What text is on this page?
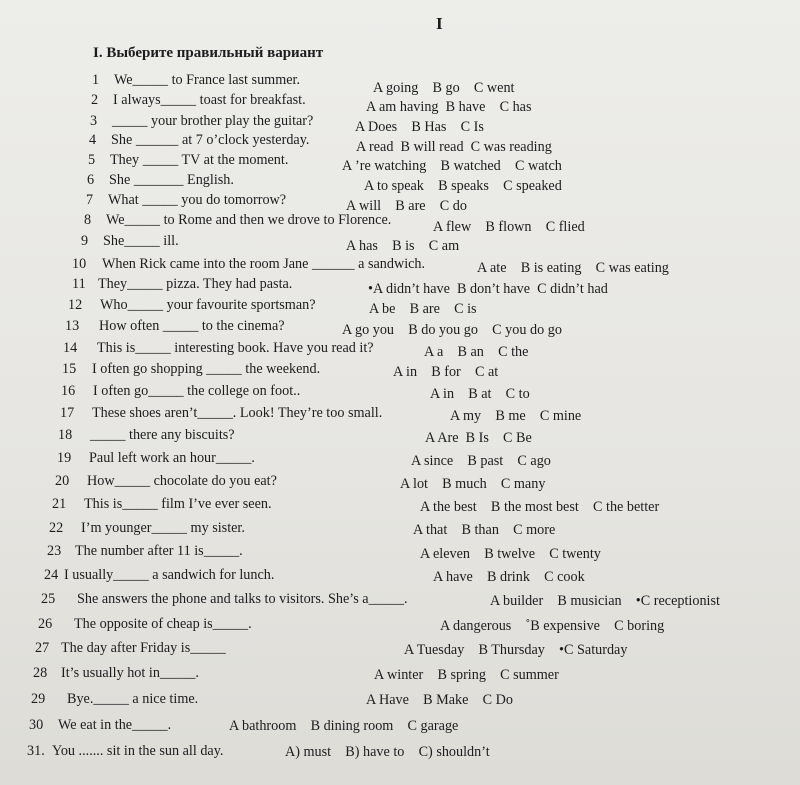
I
I. Выберите правильный вариант
1 We_____ to France last summer.	A going    B go    C went
2 I always_____ toast for breakfast.	A am having  B have    C has
3 _____ your brother play the guitar?	A Does    B Has    C Is
4 She ______ at 7 o’clock yesterday.	A read  B will read  C was reading
5 They _____ TV at the moment.	A ’re watching    B watched    C watch
6 She _______ English.	A to speak    B speaks    C speaked
7 What _____ you do tomorrow?	A will    B are    C do
8 We_____ to Rome and then we drove to Florence.	A flew    B flown    C flied
9 She_____ ill.	A has    B is    C am
10 When Rick came into the room Jane ______ a sandwich.	A ate    B is eating    C was eating
11 They_____ pizza. They had pasta.	•A didn’t have  B don’t have  C didn’t had
12 Who_____ your favourite sportsman?	A be    B are    C is
13 How often _____ to the cinema?	A go you    B do you go    C you do go
14 This is_____ interesting book. Have you read it?	A a    B an    C the
15 I often go shopping _____ the weekend.	A in    B for    C at
16 I often go_____ the college on foot..	A in    B at    C to
17 These shoes aren’t_____. Look! They’re too small.	A my    B me    C mine
18 _____ there any biscuits?	A Are  B Is    C Be
19 Paul left work an hour_____.	A since    B past    C ago
20 How_____ chocolate do you eat?	A lot    B much    C many
21 This is_____ film I’ve ever seen.	A the best    B the most best    C the better
22 I’m younger_____ my sister.	A that    B than    C more
23 The number after 11 is_____.	A eleven    B twelve    C twenty
24 I usually_____ a sandwich for lunch.	A have    B drink    C cook
25 She answers the phone and talks to visitors. She’s a_____.	A builder    B musician    •C receptionist
26 The opposite of cheap is_____.	A dangerous    ˚B expensive    C boring
27 The day after Friday is_____	A Tuesday    B Thursday    •C Saturday
28 It’s usually hot in_____.	A winter    B spring    C summer
29 Bye._____ a nice time.	A Have    B Make    C Do
30 We eat in the_____.	A bathroom    B dining room    C garage
31. You ....... sit in the sun all day.	A) must    B) have to    C) shouldn’t
